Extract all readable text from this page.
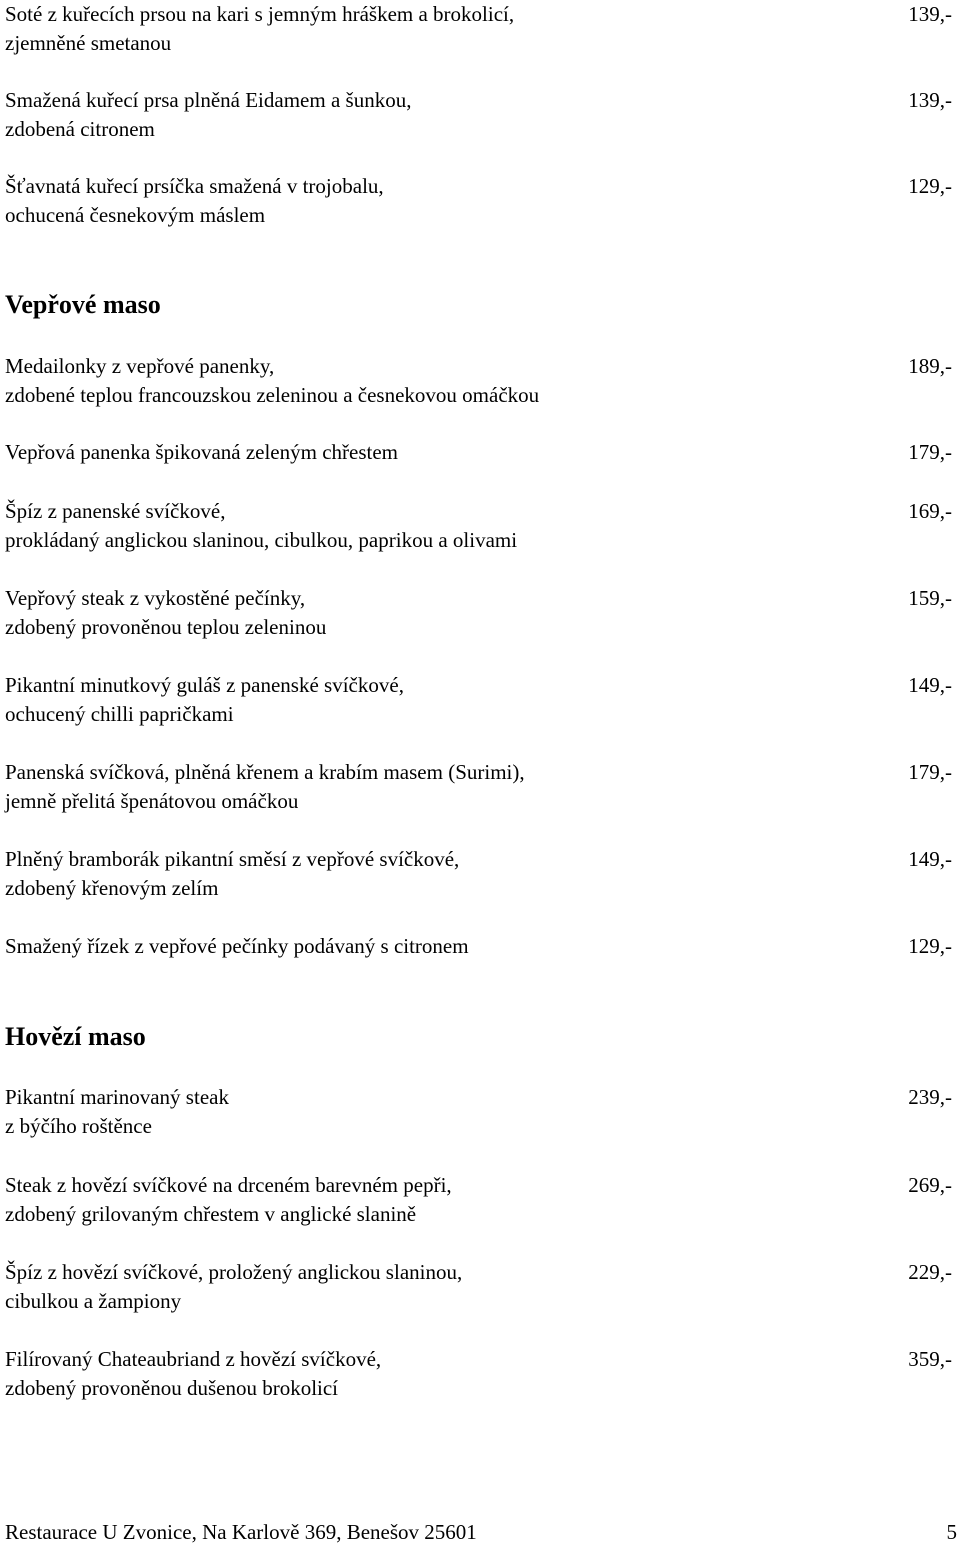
Soté z kuřecích prsou na kari s jemným hráškem a brokolicí,
zjemněné smetanou
139,-
Smažená kuřecí prsa plněná Eidamem a šunkou,
zdobená citronem
139,-
Šťavnatá kuřecí prsíčka smažená v trojobalu,
ochucená česnekovým máslem
129,-
Vepřové maso
Medailonky z vepřové panenky,
zdobené teplou francouzskou zeleninou a česnekovou omáčkou
189,-
Vepřová panenka špikovaná zeleným chřestem	179,-
Špíz z panenské svíčkové,
prokládaný anglickou slaninou, cibulkou, paprikou a olivami
169,-
Vepřový steak z vykostěné pečínky,
zdobený provoněnou teplou zeleninou
159,-
Pikantní minutkový guláš z panenské svíčkové,
ochucený chilli papričkami
149,-
Panenská svíčková, plněná křenem a krabím masem (Surimi),
jemně přelitá špenátovou omáčkou
179,-
Plněný bramborák pikantní směsí z vepřové svíčkové,
zdobený křenovým zelím
149,-
Smažený řízek z vepřové pečínky podávaný s citronem	129,-
Hovězí maso
Pikantní marinovaný steak
z býčího roštěnce
239,-
Steak z hovězí svíčkové na drceném barevném pepři,
zdobený grilovaným chřestem v anglické slanině
269,-
Špíz z hovězí svíčkové, proložený anglickou slaninou,
cibulkou a žampiony
229,-
Filírovaný Chateaubriand z hovězí svíčkové,
zdobený provoněnou dušenou brokolicí
359,-
Restaurace U Zvonice, Na Karlově 369, Benešov 25601	5
